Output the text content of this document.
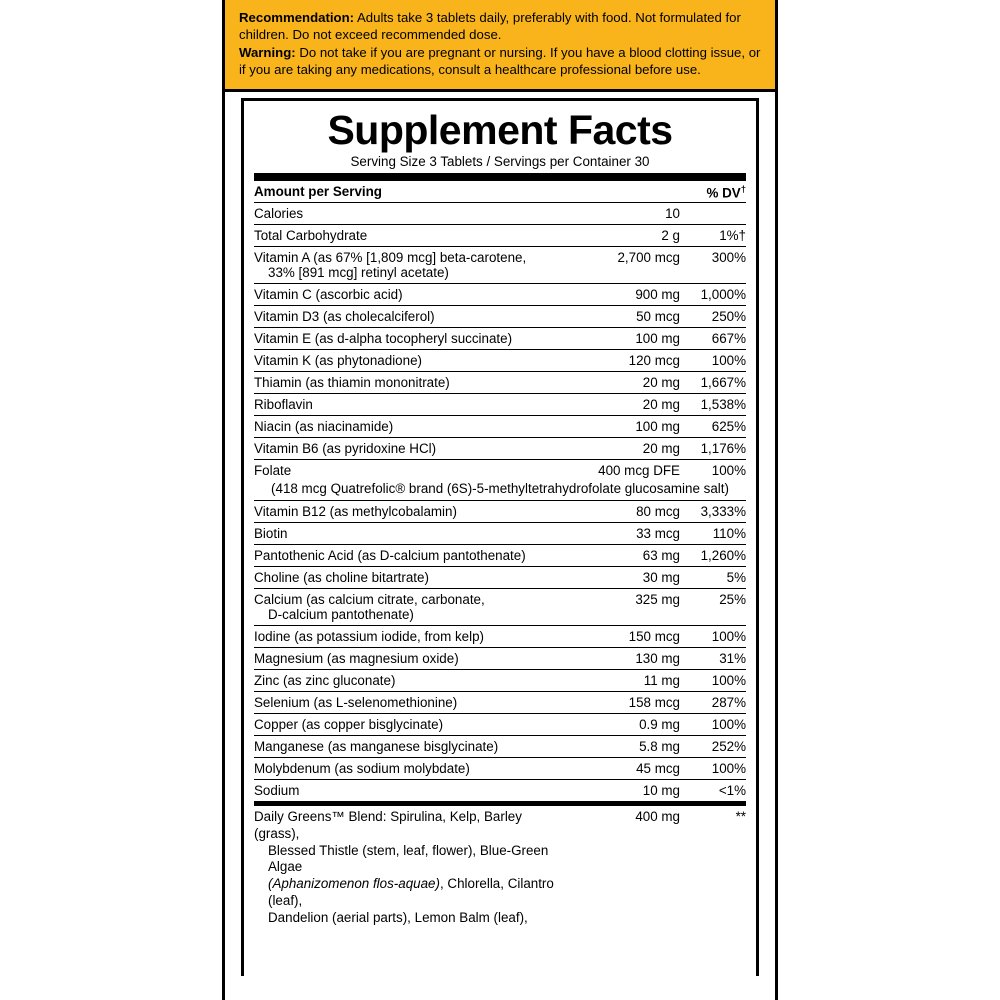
Recommendation: Adults take 3 tablets daily, preferably with food. Not formulated for children. Do not exceed recommended dose.

Warning: Do not take if you are pregnant or nursing. If you have a blood clotting issue, or if you are taking any medications, consult a healthcare professional before use.

Supplement Facts
Serving Size 3 Tablets / Servings per Container 30
Amount per Serving		% DV†
Calories	10	
Total Carbohydrate	2 g	1%†
Vitamin A (as 67% [1,809 mcg] beta-carotene,
33% [891 mcg] retinyl acetate)	2,700 mcg	300%
Vitamin C (ascorbic acid)	900 mg	1,000%
Vitamin D3 (as cholecalciferol)	50 mcg	250%
Vitamin E (as d-alpha tocopheryl succinate)	100 mg	667%
Vitamin K (as phytonadione)	120 mcg	100%
Thiamin (as thiamin mononitrate)	20 mg	1,667%
Riboflavin	20 mg	1,538%
Niacin (as niacinamide)	100 mg	625%
Vitamin B6 (as pyridoxine HCl)	20 mg	1,176%
Folate	400 mcg DFE	100%
(418 mcg Quatrefolic® brand (6S)-5-methyltetrahydrofolate glucosamine salt)		
Vitamin B12 (as methylcobalamin)	80 mcg	3,333%
Biotin	33 mcg	110%
Pantothenic Acid (as D-calcium pantothenate)	63 mg	1,260%
Choline (as choline bitartrate)	30 mg	5%
Calcium (as calcium citrate, carbonate,
D-calcium pantothenate)	325 mg	25%
Iodine (as potassium iodide, from kelp)	150 mcg	100%
Magnesium (as magnesium oxide)	130 mg	31%
Zinc (as zinc gluconate)	11 mg	100%
Selenium (as L-selenomethionine)	158 mcg	287%
Copper (as copper bisglycinate)	0.9 mg	100%
Manganese (as manganese bisglycinate)	5.8 mg	252%
Molybdenum (as sodium molybdate)	45 mcg	100%
Sodium	10 mg	<1%

Daily Greens™ Blend: Spirulina, Kelp, Barley (grass),
Blessed Thistle (stem, leaf, flower), Blue-Green Algae
(Aphanizomenon flos-aquae), Chlorella, Cilantro (leaf),
Dandelion (aerial parts), Lemon Balm (leaf),	400 mg	**
